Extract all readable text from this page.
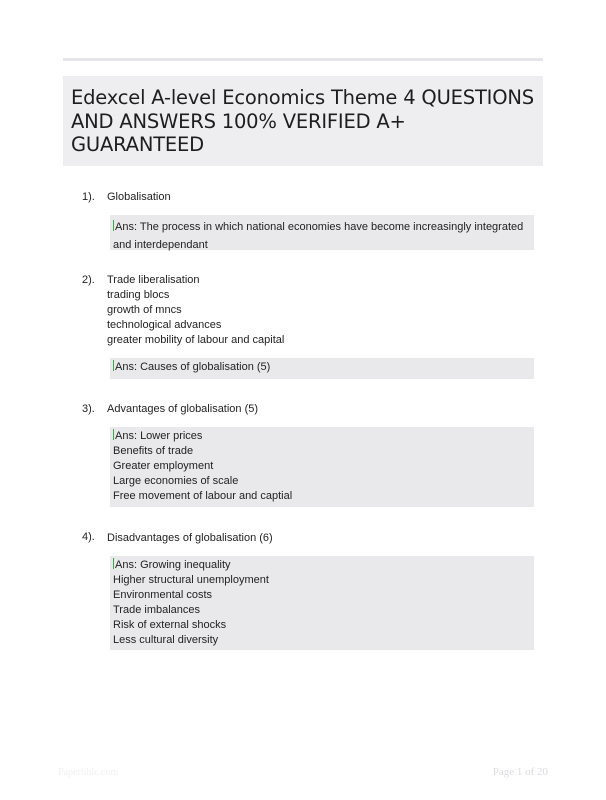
Edexcel A-level Economics Theme 4 QUESTIONS AND ANSWERS 100% VERIFIED A+ GUARANTEED
1). Globalisation
Ans: The process in which national economies have become increasingly integrated and interdependant
2). Trade liberalisation
trading blocs
growth of mncs
technological advances
greater mobility of labour and capital
Ans: Causes of globalisation (5)
3). Advantages of globalisation (5)
Ans: Lower prices
Benefits of trade
Greater employment
Large economies of scale
Free movement of labour and captial
4). Disadvantages of globalisation (6)
Ans: Growing inequality
Higher structural unemployment
Environmental costs
Trade imbalances
Risk of external shocks
Less cultural diversity
Paperlibic.com	Page 1 of 20
